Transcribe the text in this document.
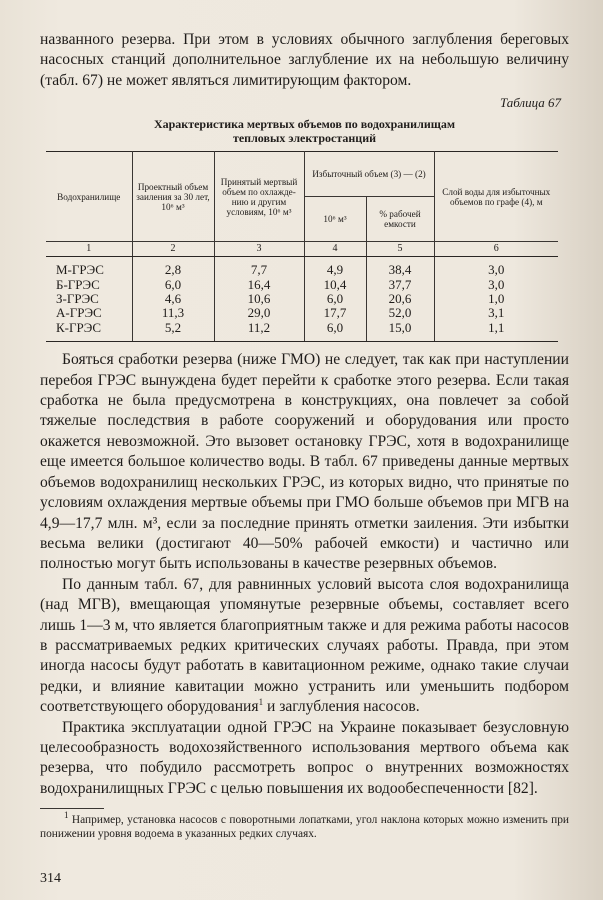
названного резерва. При этом в условиях обычного заглубления береговых насосных станций дополнительное заглубление их на небольшую величину (табл. 67) не может являться лимитирующим фактором.

Таблица 67
Характеристика мертвых объемов по водохранилищам
тепловых электростанций
Водохранилище	Проектный объем заиления за 30 лет, 10⁶ м³	Принятый мертвый объем по охлаждению и другим условиям, 10⁶ м³	Избыточный объем (3) — (2)		Слой воды для избыточных объемов по графе (4), м
			10⁶ м³	% рабочей емкости	
1	2	3	4	5	6
М-ГРЭС	2,8	7,7	4,9	38,4	3,0
Б-ГРЭС	6,0	16,4	10,4	37,7	3,0
З-ГРЭС	4,6	10,6	6,0	20,6	1,0
А-ГРЭС	11,3	29,0	17,7	52,0	3,1
К-ГРЭС	5,2	11,2	6,0	15,0	1,1

Бояться сработки резерва (ниже ГМО) не следует, так как при наступлении перебоя ГРЭС вынуждена будет перейти к сработке этого резерва. Если такая сработка не была предусмотрена в конструкциях, она повлечет за собой тяжелые последствия в работе сооружений и оборудования или просто окажется невозможной. Это вызовет остановку ГРЭС, хотя в водохранилище еще имеется большое количество воды. В табл. 67 приведены данные мертвых объемов водохранилищ нескольких ГРЭС, из которых видно, что принятые по условиям охлаждения мертвые объемы при ГМО больше объемов при МГВ на 4,9—17,7 млн. м³, если за последние принять отметки заиления. Эти избытки весьма велики (достигают 40—50% рабочей емкости) и частично или полностью могут быть использованы в качестве резервных объемов.

По данным табл. 67, для равнинных условий высота слоя водохранилища (над МГВ), вмещающая упомянутые резервные объемы, составляет всего лишь 1—3 м, что является благоприятным также и для режима работы насосов в рассматриваемых редких критических случаях работы. Правда, при этом иногда насосы будут работать в кавитационном режиме, однако такие случаи редки, и влияние кавитации можно устранить или уменьшить подбором соответствующего оборудования$^1$ и заглубления насосов.

Практика эксплуатации одной ГРЭС на Украине показывает безусловную целесообразность водохозяйственного использования мертвого объема как резерва, что побудило рассмотреть вопрос о внутренних возможностях водохранилищных ГРЭС с целью повышения их водообеспеченности [82].

$^1$ Например, установка насосов с поворотными лопатками, угол наклона которых можно изменить при понижении уровня водоема в указанных редких случаях.

314
